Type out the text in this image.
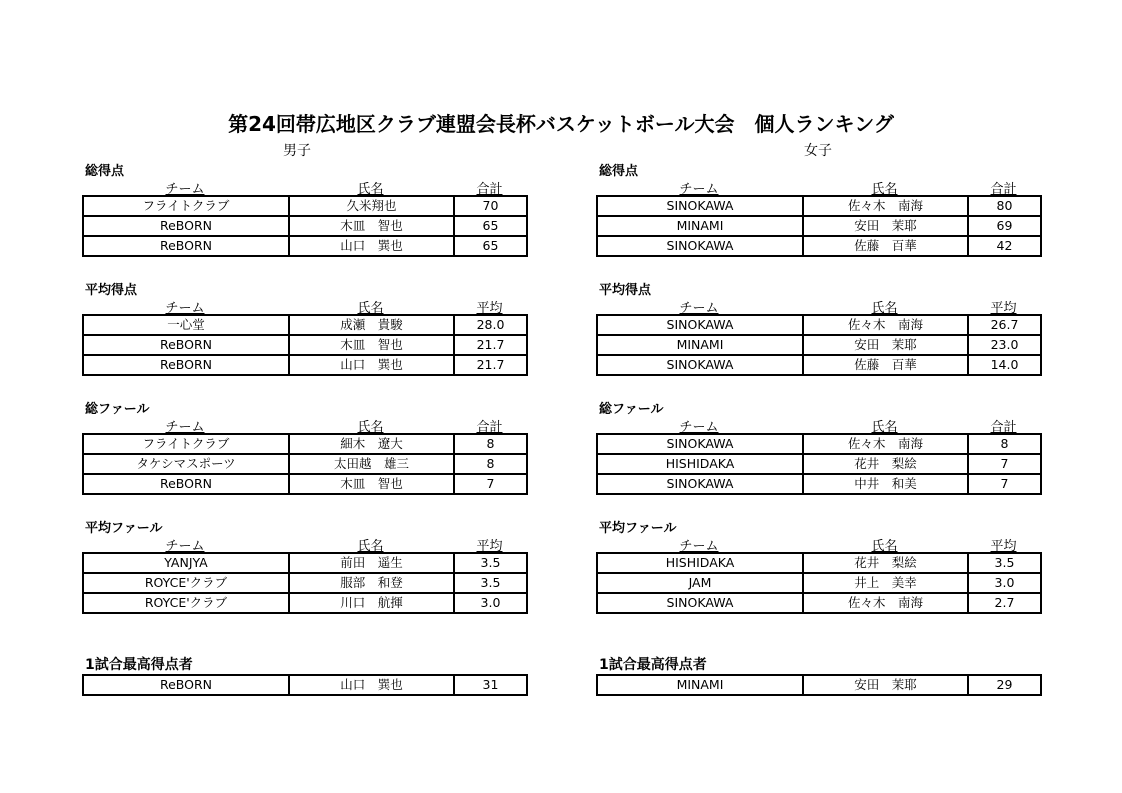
第24回帯広地区クラブ連盟会長杯バスケットボール大会　個人ランキング
男子
総得点
チーム	氏名	合計
フライトクラブ	久米翔也	70
ReBORN	木皿　智也	65
ReBORN	山口　巽也	65
平均得点
チーム	氏名	平均
一心堂	成瀬　貴駿	28.0
ReBORN	木皿　智也	21.7
ReBORN	山口　巽也	21.7
総ファール
チーム	氏名	合計
フライトクラブ	細木　遼大	8
タケシマスポーツ	太田越　雄三	8
ReBORN	木皿　智也	7
平均ファール
チーム	氏名	平均
YANJYA	前田　遥生	3.5
ROYCE'クラブ	服部　和登	3.5
ROYCE'クラブ	川口　航揮	3.0
1試合最高得点者
ReBORN	山口　巽也	31
女子
総得点
チーム	氏名	合計
SINOKAWA	佐々木　南海	80
MINAMI	安田　茉耶	69
SINOKAWA	佐藤　百華	42
平均得点
チーム	氏名	平均
SINOKAWA	佐々木　南海	26.7
MINAMI	安田　茉耶	23.0
SINOKAWA	佐藤　百華	14.0
総ファール
チーム	氏名	合計
SINOKAWA	佐々木　南海	8
HISHIDAKA	花井　梨絵	7
SINOKAWA	中井　和美	7
平均ファール
チーム	氏名	平均
HISHIDAKA	花井　梨絵	3.5
JAM	井上　美幸	3.0
SINOKAWA	佐々木　南海	2.7
1試合最高得点者
MINAMI	安田　茉耶	29
